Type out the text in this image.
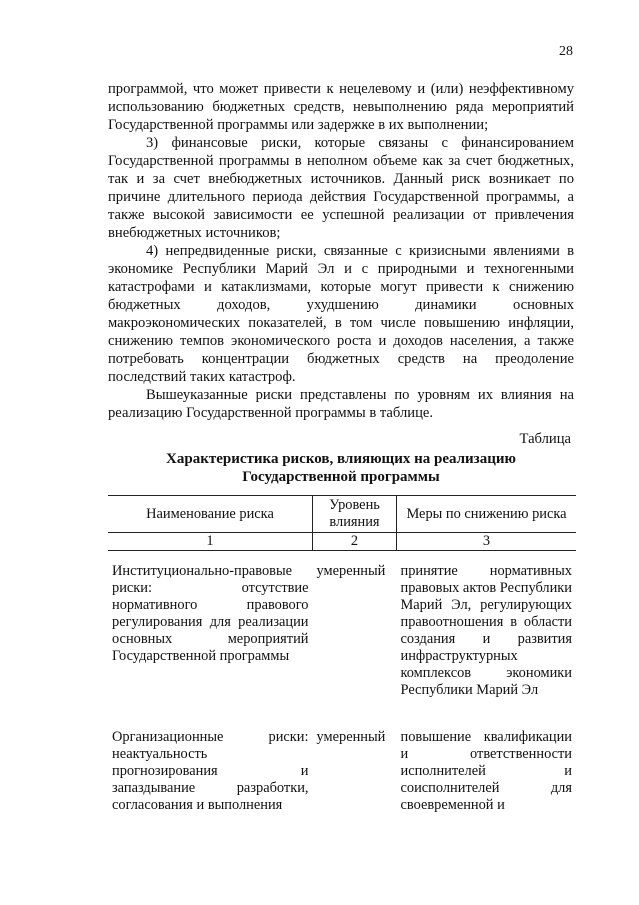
28

программой, что может привести к нецелевому и (или) неэффективному использованию бюджетных средств, невыполнению ряда мероприятий Государственной программы или задержке в их выполнении;

3) финансовые риски, которые связаны с финансированием Государственной программы в неполном объеме как за счет бюджетных, так и за счет внебюджетных источников. Данный риск возникает по причине длительного периода действия Государственной программы, а также высокой зависимости ее успешной реализации от привлечения внебюджетных источников;

4) непредвиденные риски, связанные с кризисными явлениями в экономике Республики Марий Эл и с природными и техногенными катастрофами и катаклизмами, которые могут привести к снижению бюджетных доходов, ухудшению динамики основных макроэкономических показателей, в том числе повышению инфляции, снижению темпов экономического роста и доходов населения, а также потребовать концентрации бюджетных средств на преодоление последствий таких катастроф.

Вышеуказанные риски представлены по уровням их влияния на реализацию Государственной программы в таблице.

Таблица
Характеристика рисков, влияющих на реализацию Государственной программы
Наименование риска	Уровень влияния	Меры по снижению риска
1	2	3

Институционально-правовые риски: отсутствие нормативного правового регулирования для реализации основных мероприятий Государственной программы	умеренный	принятие нормативных правовых актов Республики Марий Эл, регулирующих правоотношения в области создания и развития инфраструктурных комплексов экономики Республики Марий Эл

Организационные риски: неактуальность прогнозирования и запаздывание разработки, согласования и выполнения	умеренный	повышение квалификации и ответственности исполнителей и соисполнителей для своевременной и
